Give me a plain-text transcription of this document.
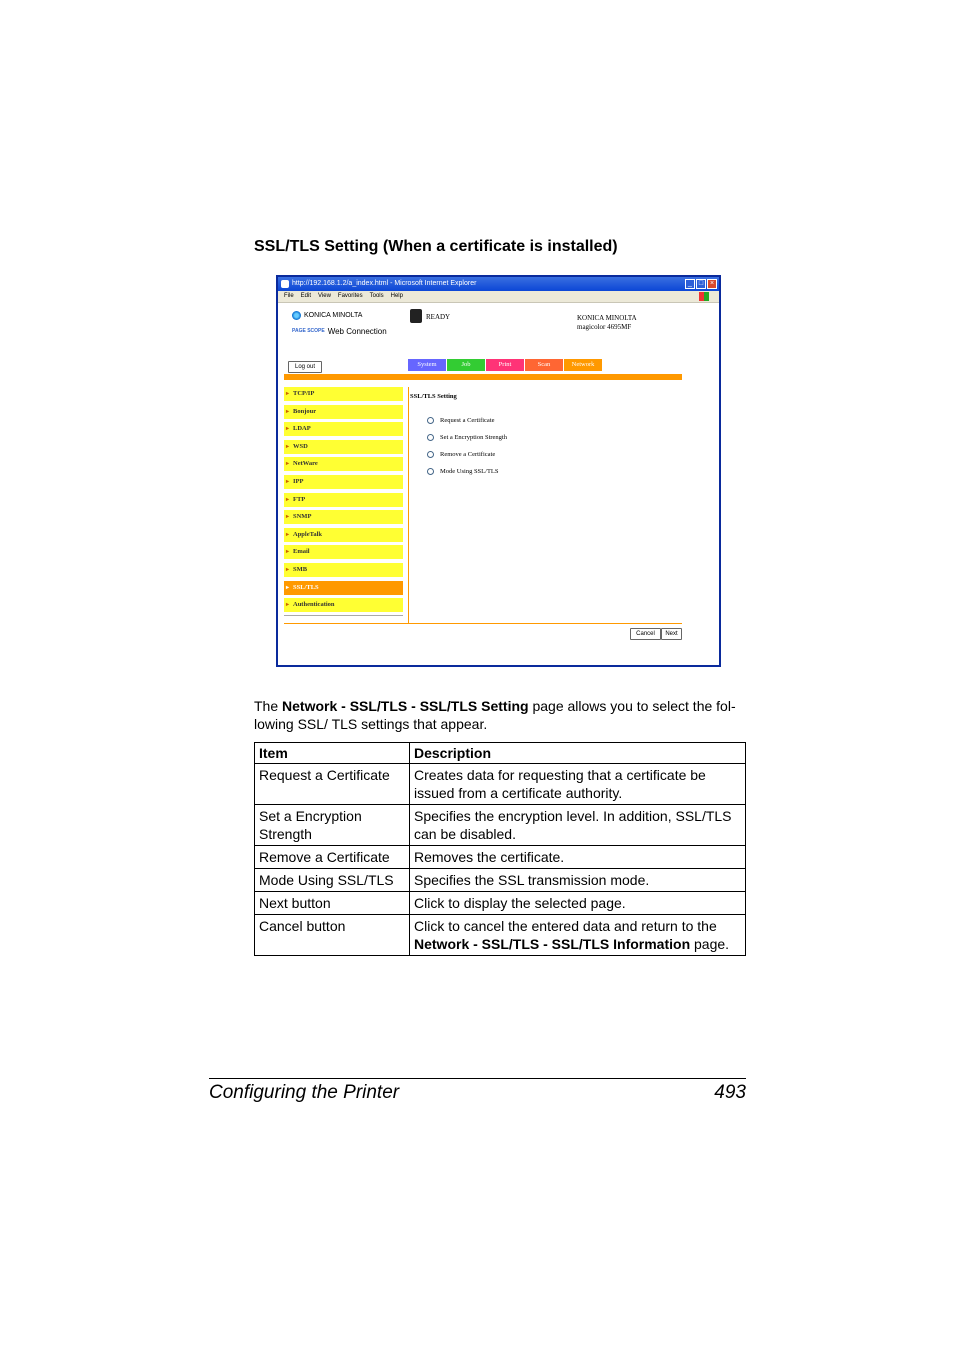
SSL/TLS Setting (When a certificate is installed)
http://192.168.1.2/a_index.html - Microsoft Internet Explorer	_ □ ×
File Edit View Favorites Tools Help
KONICA MINOLTA
PAGE SCOPE Web Connection
READY	KONICA MINOLTA
magicolor 4695MF
Log out	System	Job	Print	Scan	Network
▸ TCP/IP
▸ Bonjour
▸ LDAP
▸ WSD
▸ NetWare
▸ IPP
▸ FTP
▸ SNMP
▸ AppleTalk
▸ Email
▸ SMB
▸ SSL/TLS
▸ Authentication
SSL/TLS Setting
Cancel	Next
Request a Certificate
Set a Encryption Strength
Remove a Certificate
Mode Using SSL/TLS
The Network - SSL/TLS - SSL/TLS Setting page allows you to select the fol-lowing SSL/ TLS settings that appear.
Item	Description
Request a Certificate	Creates data for requesting that a certificate be issued from a certificate authority.
Set a Encryption Strength	Specifies the encryption level. In addition, SSL/TLS can be disabled.
Remove a Certificate	Removes the certificate.
Mode Using SSL/TLS	Specifies the SSL transmission mode.
Next button	Click to display the selected page.
Cancel button	Click to cancel the entered data and return to the Network - SSL/TLS - SSL/TLS Information page.
Configuring the Printer	493
